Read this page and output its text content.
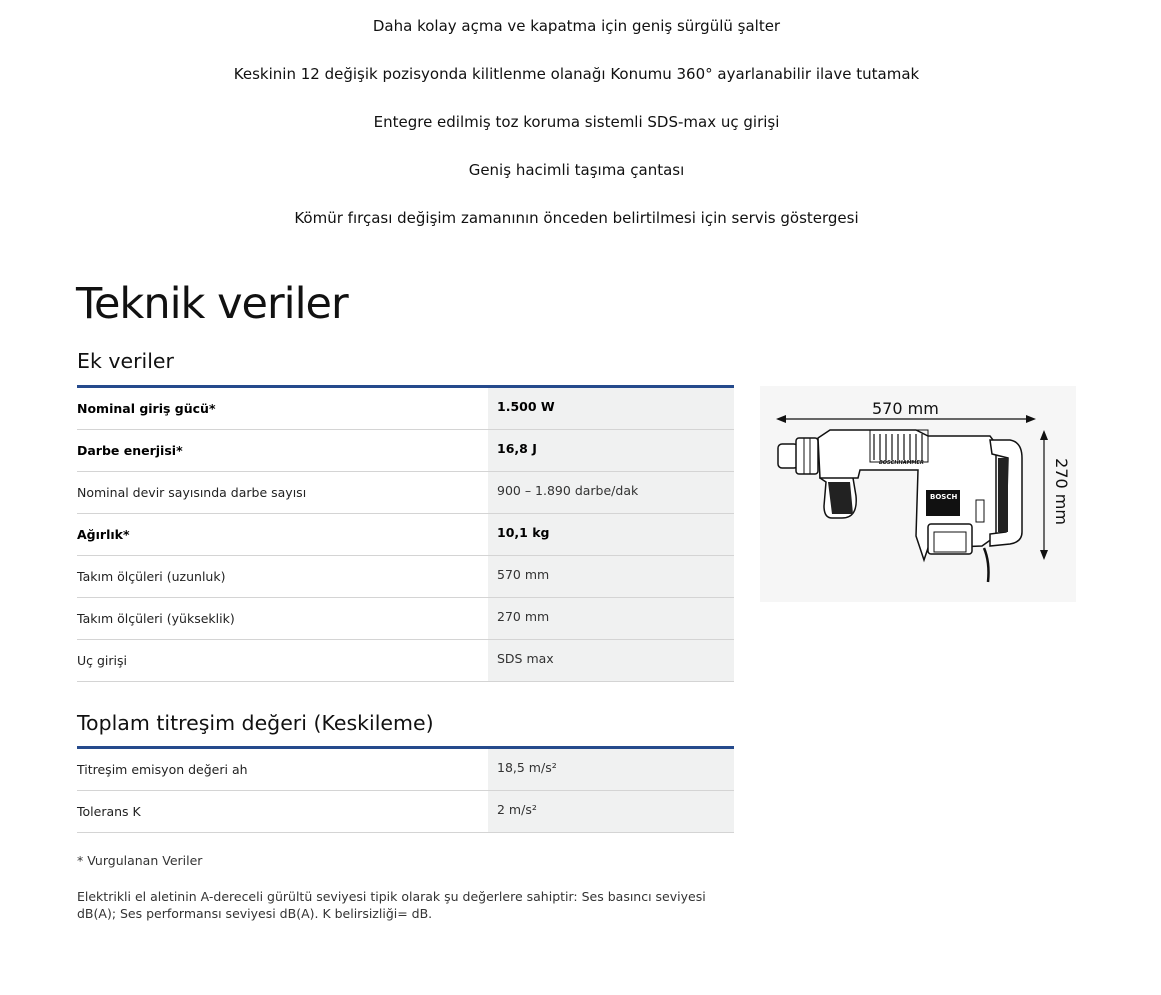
Daha kolay açma ve kapatma için geniş sürgülü şalter
Keskinin 12 değişik pozisyonda kilitlenme olanağı Konumu 360° ayarlanabilir ilave tutamak
Entegre edilmiş toz koruma sistemli SDS-max uç girişi
Geniş hacimli taşıma çantası
Kömür fırçası değişim zamanının önceden belirtilmesi için servis göstergesi
Teknik veriler
Ek veriler
Nominal giriş gücü*	1.500 W
Darbe enerjisi*	16,8 J
Nominal devir sayısında darbe sayısı	900 – 1.890 darbe/dak
Ağırlık*	10,1 kg
Takım ölçüleri (uzunluk)	570 mm
Takım ölçüleri (yükseklik)	270 mm
Uç girişi	SDS max
570 mm
270 mm
BOSCH
BOSCHHAMMER
Toplam titreşim değeri (Keskileme)
Titreşim emisyon değeri ah	18,5 m/s²
Tolerans K	2 m/s²

* Vurgulanan Veriler

Elektrikli el aletinin A-dereceli gürültü seviyesi tipik olarak şu değerlere sahiptir: Ses basıncı seviyesi dB(A); Ses performansı seviyesi dB(A). K belirsizliği= dB.
